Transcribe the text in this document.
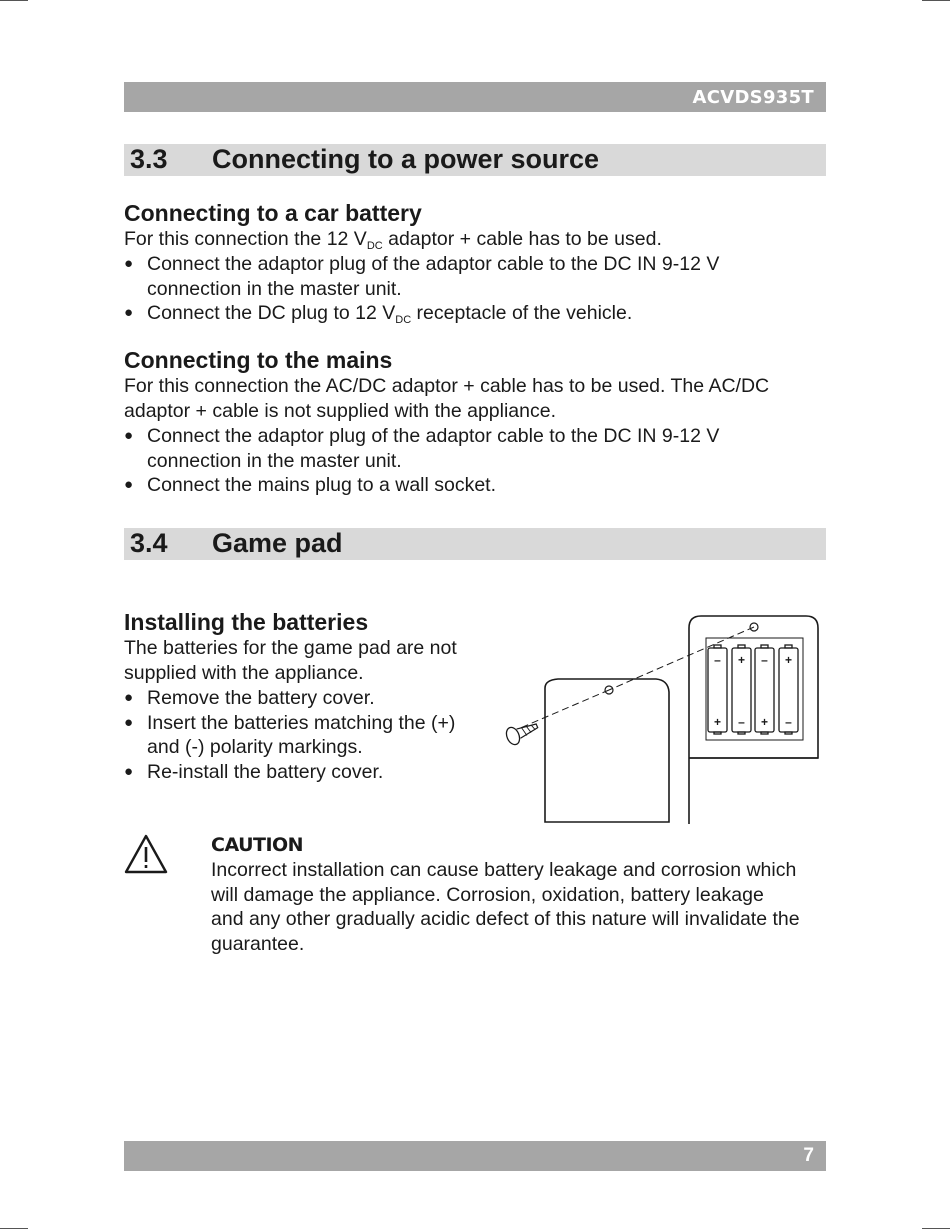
ACVDS935T
3.3 Connecting to a power source
Connecting to a car battery

For this connection the 12 $V_{DC}$ adaptor + cable has to be used.

● Connect the adaptor plug of the adaptor cable to the DC IN 9-12 V connection in the master unit.
● Connect the DC plug to 12 $V_{DC}$ receptacle of the vehicle.
Connecting to the mains

For this connection the AC/DC adaptor + cable has to be used. The AC/DC adaptor + cable is not supplied with the appliance.

● Connect the adaptor plug of the adaptor cable to the DC IN 9-12 V connection in the master unit.
● Connect the mains plug to a wall socket.
3.4 Game pad
Installing the batteries

The batteries for the game pad are not supplied with the appliance.

● Remove the battery cover.
● Insert the batteries matching the (+) and (-) polarity markings.
● Re-install the battery cover.
–
+
+
–
–
+
+
–
CAUTION

Incorrect installation can cause battery leakage and corrosion which will damage the appliance. Corrosion, oxidation, battery leakage and any other gradually acidic defect of this nature will invalidate the guarantee.

7
